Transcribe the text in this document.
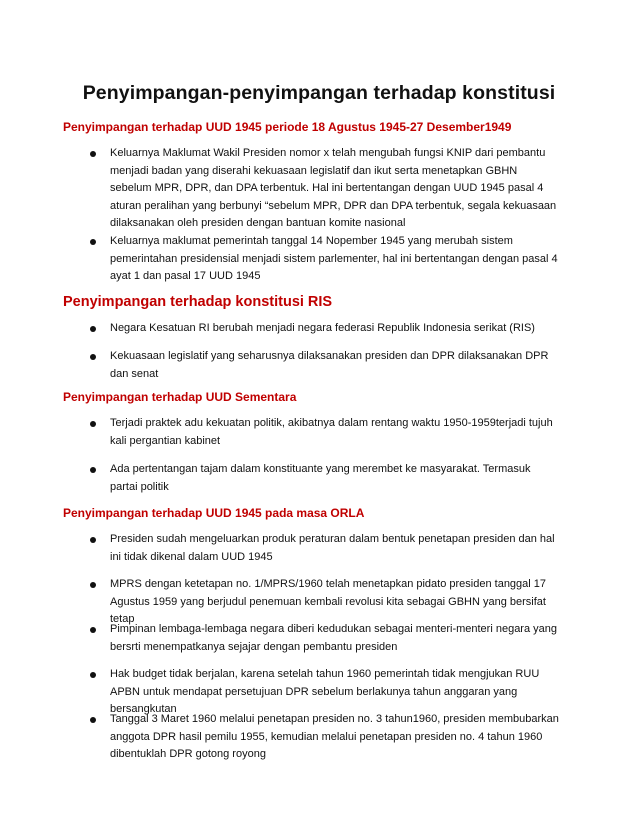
Penyimpangan-penyimpangan terhadap konstitusi
Penyimpangan terhadap UUD 1945 periode 18 Agustus 1945-27 Desember1949
Keluarnya Maklumat Wakil Presiden nomor x telah mengubah fungsi KNIP dari pembantu menjadi badan yang diserahi kekuasaan legislatif dan ikut serta menetapkan GBHN sebelum MPR, DPR, dan DPA terbentuk. Hal ini bertentangan dengan UUD 1945 pasal 4 aturan peralihan yang berbunyi “sebelum MPR, DPR dan DPA terbentuk, segala kekuasaan dilaksanakan oleh presiden dengan bantuan komite nasional
Keluarnya maklumat pemerintah tanggal 14 Nopember 1945 yang merubah sistem pemerintahan presidensial menjadi sistem parlementer, hal ini bertentangan dengan pasal 4 ayat 1 dan pasal 17 UUD 1945
Penyimpangan terhadap konstitusi RIS
Negara Kesatuan RI berubah menjadi negara federasi Republik Indonesia serikat (RIS)
Kekuasaan legislatif yang seharusnya dilaksanakan presiden dan DPR dilaksanakan DPR dan senat
Penyimpangan terhadap UUD Sementara
Terjadi praktek adu kekuatan politik, akibatnya dalam rentang waktu 1950-1959terjadi tujuh kali pergantian kabinet
Ada pertentangan tajam dalam konstituante yang merembet ke masyarakat. Termasuk partai politik
Penyimpangan terhadap UUD 1945 pada masa ORLA
Presiden sudah mengeluarkan produk peraturan dalam bentuk penetapan presiden dan hal ini tidak dikenal dalam UUD 1945
MPRS dengan ketetapan no. 1/MPRS/1960 telah menetapkan pidato presiden tanggal 17 Agustus 1959 yang berjudul penemuan kembali revolusi kita sebagai GBHN yang bersifat tetap
Pimpinan lembaga-lembaga negara diberi kedudukan sebagai menteri-menteri negara yang bersrti menempatkanya sejajar dengan pembantu presiden
Hak budget tidak berjalan, karena setelah tahun 1960 pemerintah tidak mengjukan RUU APBN untuk mendapat persetujuan DPR sebelum berlakunya tahun anggaran yang bersangkutan
Tanggal 3 Maret 1960 melalui penetapan presiden no. 3 tahun1960, presiden membubarkan anggota DPR hasil pemilu 1955, kemudian melalui penetapan presiden no. 4 tahun 1960 dibentuklah DPR gotong royong
